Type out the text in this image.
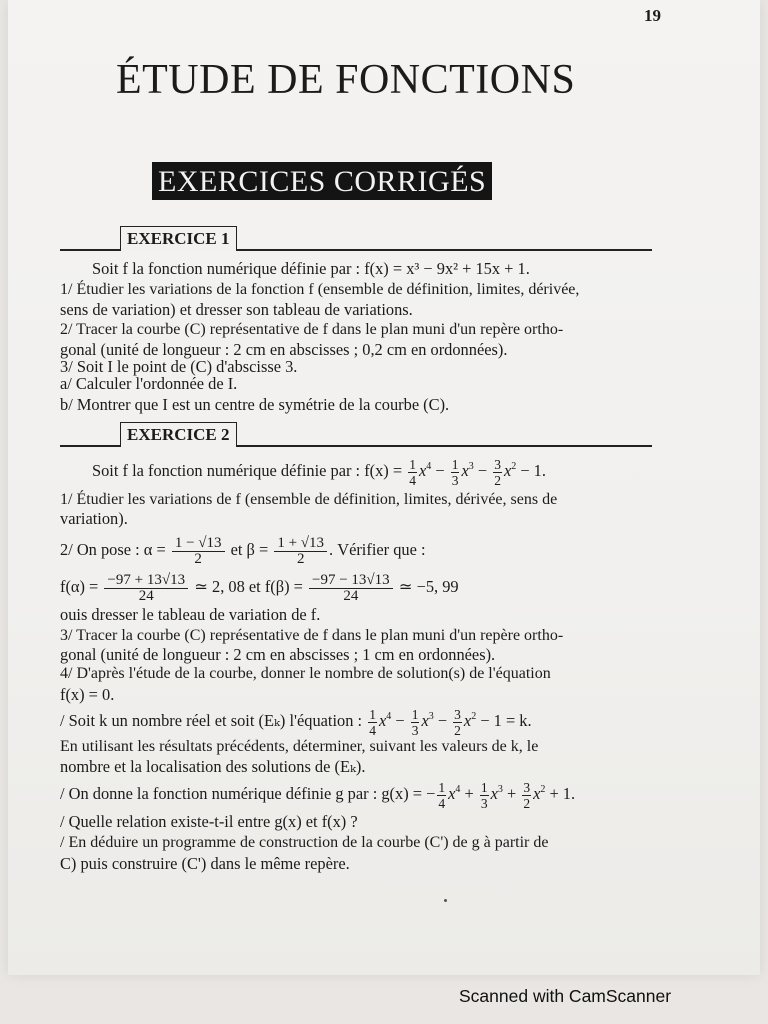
19
ÉTUDE DE FONCTIONS
EXERCICES CORRIGÉS
EXERCICE 1
Soit f la fonction numérique définie par : f(x) = x³ − 9x² + 15x + 1.
1/ Étudier les variations de la fonction f (ensemble de définition, limites, dérivée,
sens de variation) et dresser son tableau de variations.
2/ Tracer la courbe (C) représentative de f dans le plan muni d'un repère ortho-
gonal (unité de longueur : 2 cm en abscisses ; 0,2 cm en ordonnées).
3/ Soit I le point de (C) d'abscisse 3.
a/ Calculer l'ordonnée de I.
b/ Montrer que I est un centre de symétrie de la courbe (C).
EXERCICE 2
Soit f la fonction numérique définie par : $f(x) = \frac{1}{4} x^4 - \frac{1}{3} x^3 - \frac{3}{2} x^2 - 1$.
1/ Étudier les variations de f (ensemble de définition, limites, dérivée, sens de
variation).
2/ On pose : $\alpha = \frac{1 - √13}{2}$ et $\beta = \frac{1 + √13}{2}$ . Vérifier que :
$f(\alpha) = \frac{-97 + 13√13}{24}$ ≃ 2, 08 et $f(\beta) = \frac{-97 - 13√13}{24}$ ≃ −5, 99
ouis dresser le tableau de variation de f.
3/ Tracer la courbe (C) représentative de f dans le plan muni d'un repère ortho-
gonal (unité de longueur : 2 cm en abscisses ; 1 cm en ordonnées).
4/ D'après l'étude de la courbe, donner le nombre de solution(s) de l'équation
f(x) = 0.
/ Soit k un nombre réel et soit (Eₖ) l'équation : $\frac{1}{4} x^4 - \frac{1}{3} x^3 - \frac{3}{2} x^2 - 1 = k$.
En utilisant les résultats précédents, déterminer, suivant les valeurs de k, le
nombre et la localisation des solutions de (Eₖ).
/ On donne la fonction numérique définie g par : g(x) = − $\frac{1}{4} x^4 + \frac{1}{3} x^3 + \frac{3}{2} x^2 + 1$.
/ Quelle relation existe-t-il entre g(x) et f(x) ?
/ En déduire un programme de construction de la courbe (C') de g à partir de
C) puis construire (C') dans le même repère.
Scanned with CamScanner
